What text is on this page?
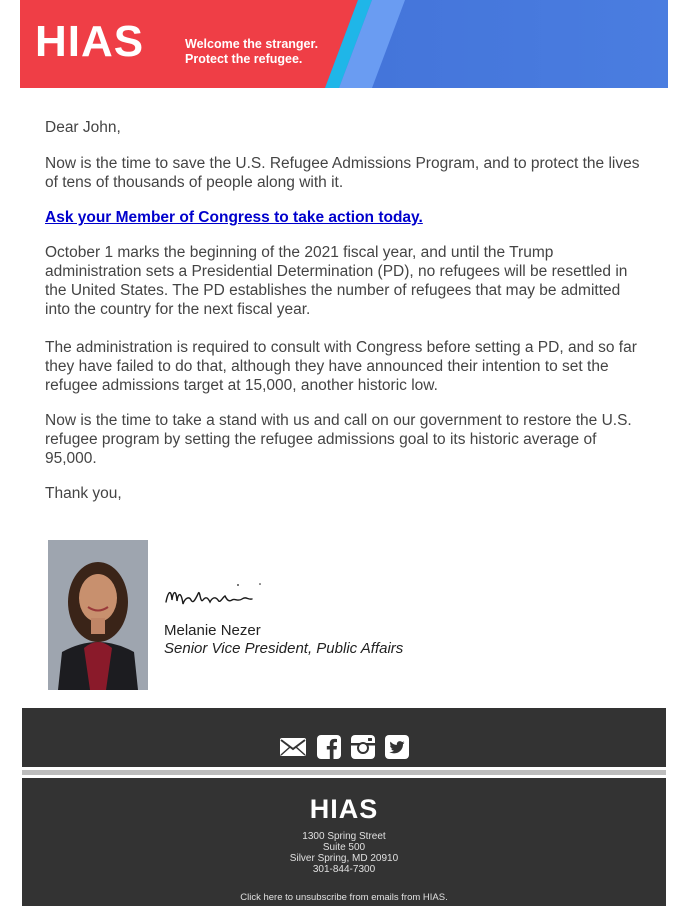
HIAS	Welcome the stranger.
Protect the refugee.

Dear John,

Now is the time to save the U.S. Refugee Admissions Program, and to protect the lives of tens of thousands of people along with it.

Ask your Member of Congress to take action today.

October 1 marks the beginning of the 2021 fiscal year, and until the Trump administration sets a Presidential Determination (PD), no refugees will be resettled in the United States. The PD establishes the number of refugees that may be admitted into the country for the next fiscal year.

The administration is required to consult with Congress before setting a PD, and so far they have failed to do that, although they have announced their intention to set the refugee admissions target at 15,000, another historic low.

Now is the time to take a stand with us and call on our government to restore the U.S. refugee program by setting the refugee admissions goal to its historic average of 95,000.

Thank you,

Melanie Nezer
Senior Vice President, Public Affairs

HIAS
1300 Spring Street
Suite 500
Silver Spring, MD 20910
301-844-7300
Click here to unsubscribe from emails from HIAS.
